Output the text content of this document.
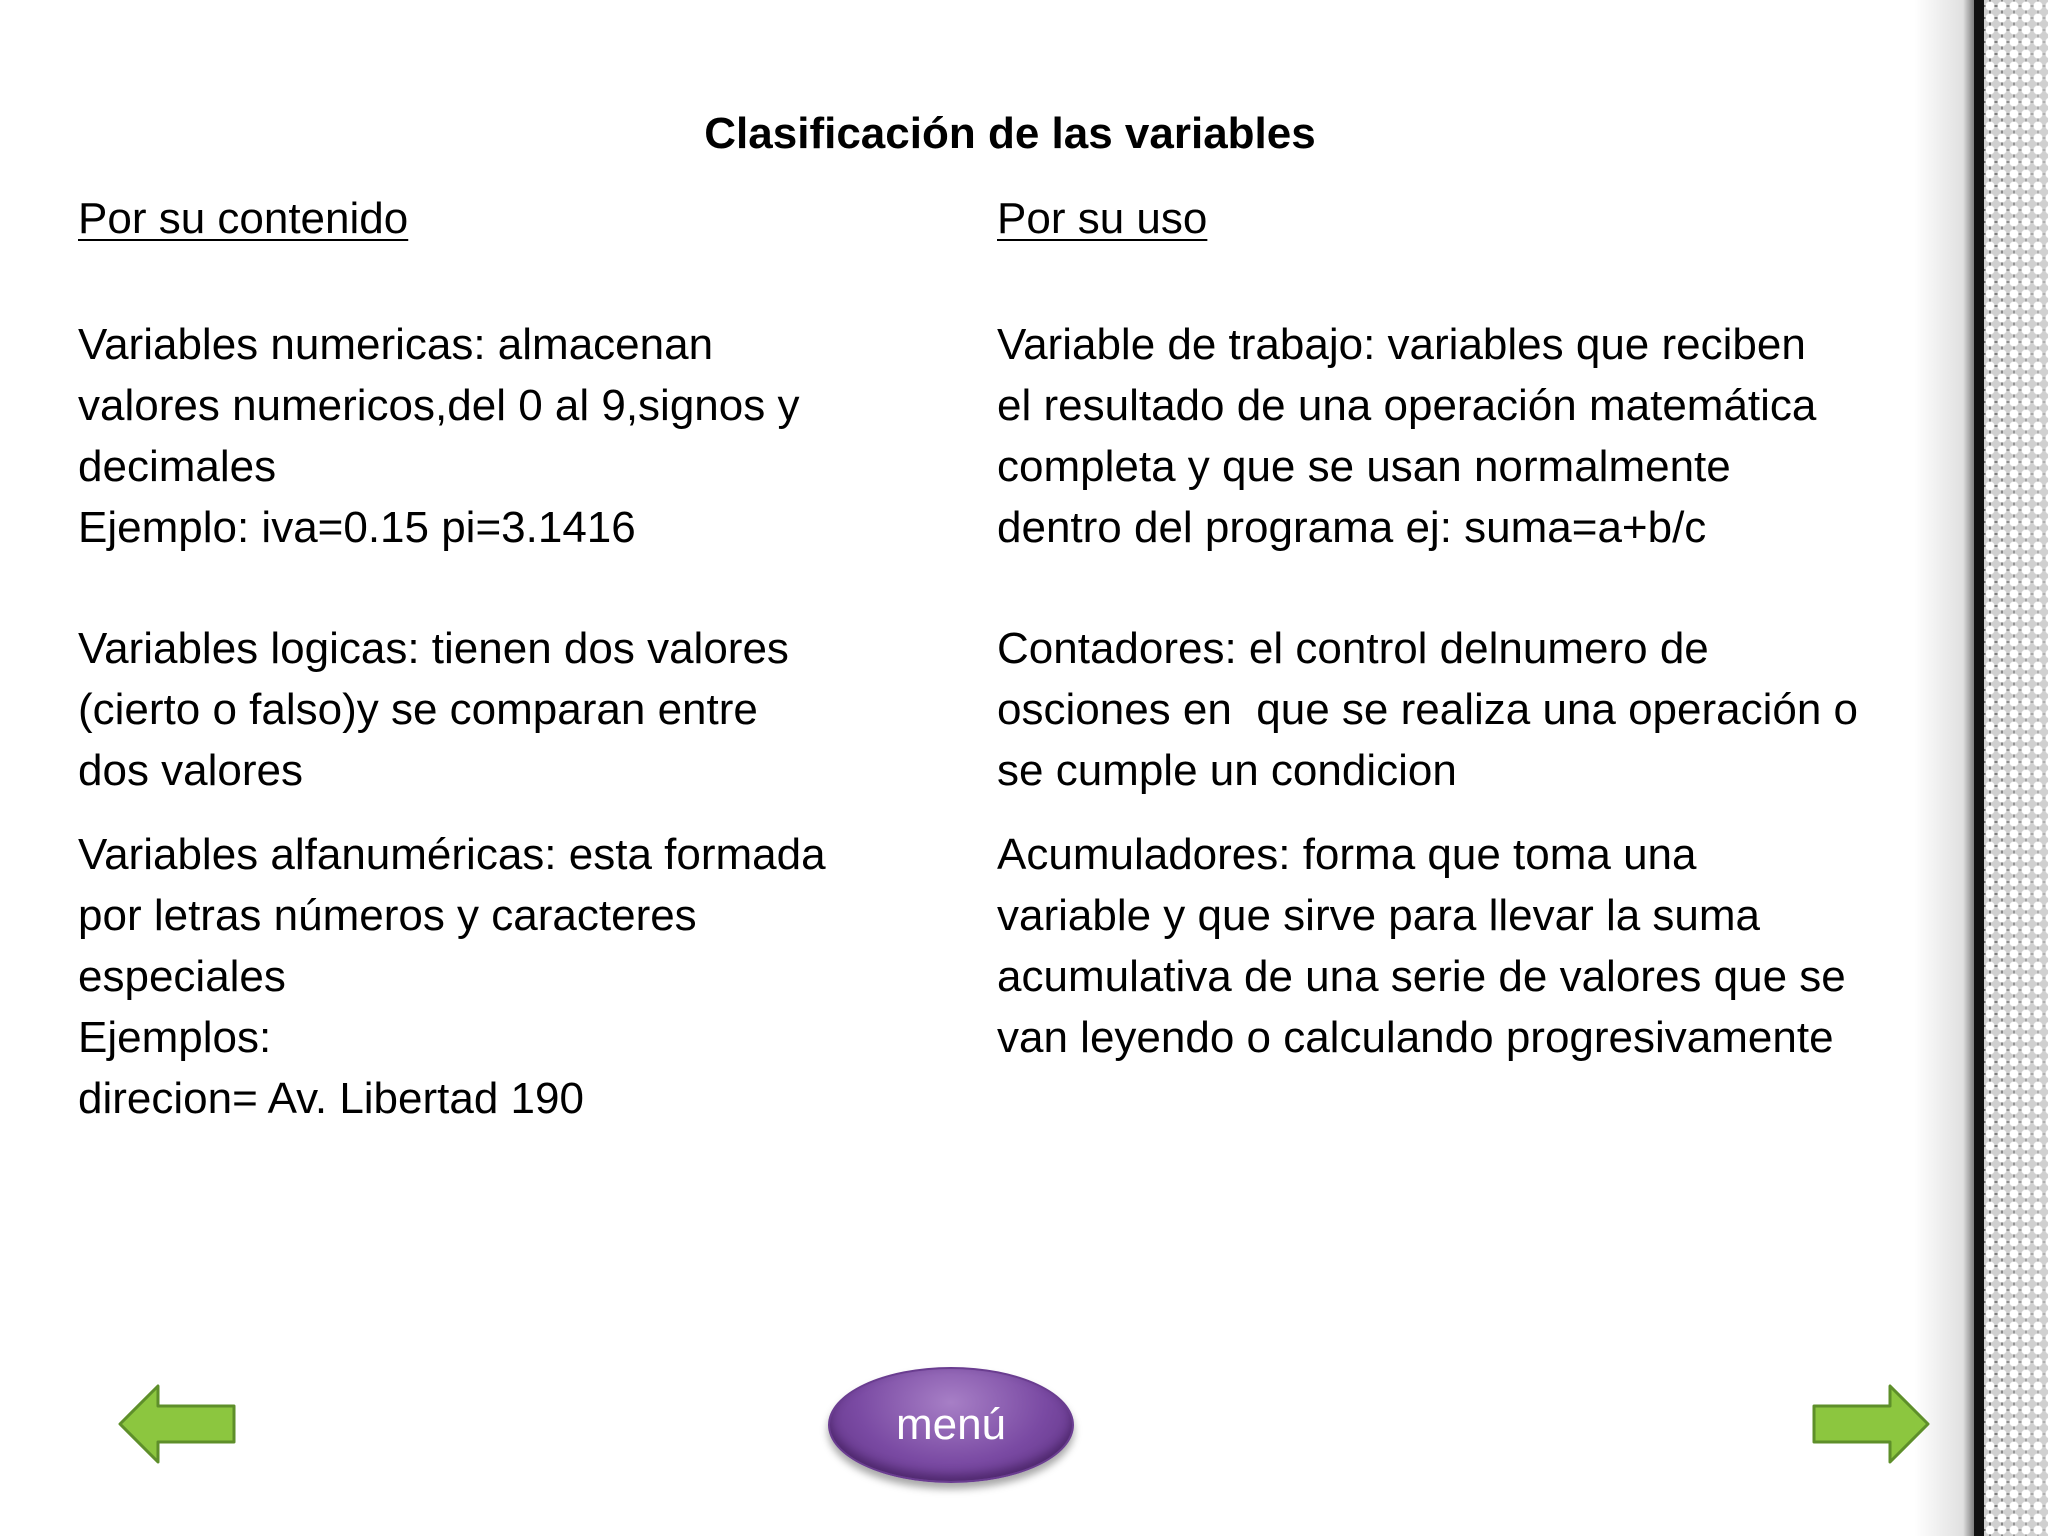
Clasificación de las variables
Por su contenido
Variables numericas: almacenan
valores numericos,del 0 al 9,signos y
decimales
Ejemplo: iva=0.15 pi=3.1416
Variables logicas: tienen dos valores
(cierto o falso)y se comparan entre
dos valores
Variables alfanuméricas: esta formada
por letras números y caracteres
especiales
Ejemplos:
direcion= Av. Libertad 190
Por su uso
Variable de trabajo: variables que reciben
el resultado de una operación matemática
completa y que se usan normalmente
dentro del programa ej: suma=a+b/c
Contadores: el control delnumero de
osciones en  que se realiza una operación o
se cumple un condicion
Acumuladores: forma que toma una
variable y que sirve para llevar la suma
acumulativa de una serie de valores que se
van leyendo o calculando progresivamente
menú
